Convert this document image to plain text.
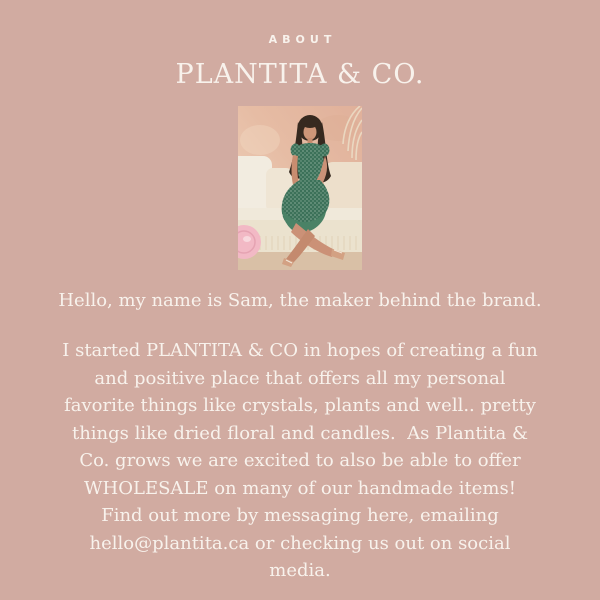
ABOUT
PLANTITA & CO.

Hello, my name is Sam, the maker behind the brand.

I started PLANTITA & CO in hopes of creating a fun
and positive place that offers all my personal
favorite things like crystals, plants and well.. pretty
things like dried floral and candles.  As Plantita &
Co. grows we are excited to also be able to offer
WHOLESALE on many of our handmade items!
Find out more by messaging here, emailing
hello@plantita.ca or checking us out on social
media.
